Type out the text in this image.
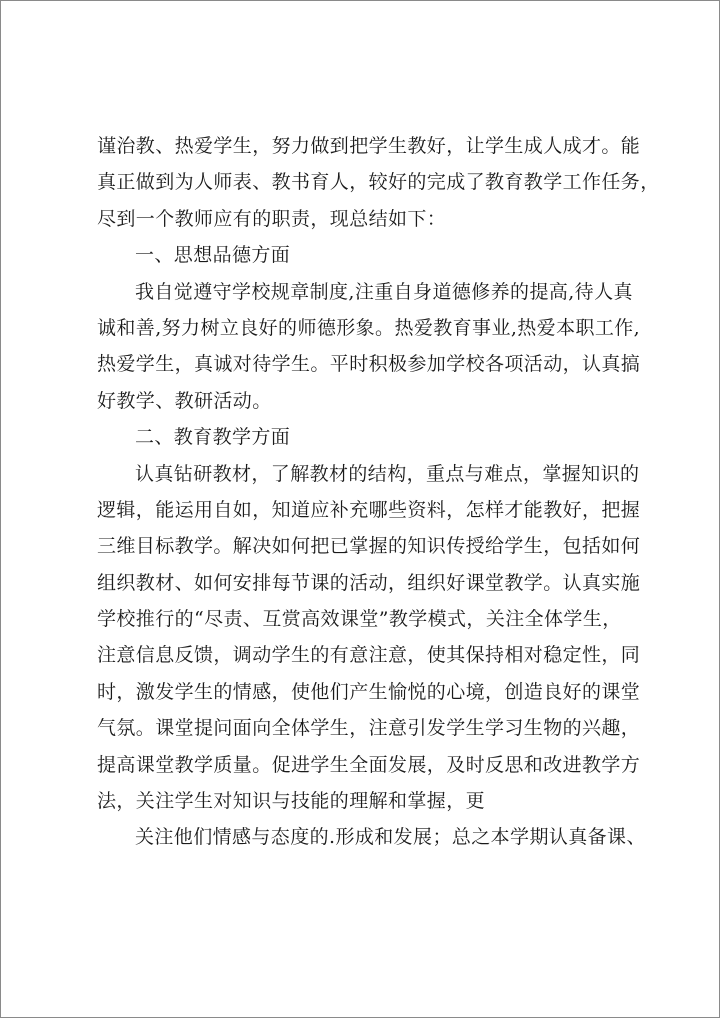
谨治教、热爱学生，努力做到把学生教好，让学生成人成才。能
真正做到为人师表、教书育人，较好的完成了教育教学工作任务，
尽到一个教师应有的职责，现总结如下：
一、思想品德方面
我自觉遵守学校规章制度,注重自身道德修养的提高,待人真
诚和善,努力树立良好的师德形象。热爱教育事业,热爱本职工作,
热爱学生，真诚对待学生。平时积极参加学校各项活动，认真搞
好教学、教研活动。
二、教育教学方面
认真钻研教材，了解教材的结构，重点与难点，掌握知识的
逻辑，能运用自如，知道应补充哪些资料，怎样才能教好，把握
三维目标教学。解决如何把已掌握的知识传授给学生，包括如何
组织教材、如何安排每节课的活动，组织好课堂教学。认真实施
学校推行的“尽责、互赏高效课堂”教学模式，关注全体学生，
注意信息反馈，调动学生的有意注意，使其保持相对稳定性，同
时，激发学生的情感，使他们产生愉悦的心境，创造良好的课堂
气氛。课堂提问面向全体学生，注意引发学生学习生物的兴趣，
提高课堂教学质量。促进学生全面发展，及时反思和改进教学方
法，关注学生对知识与技能的理解和掌握，更
关注他们情感与态度的.形成和发展；总之本学期认真备课、
